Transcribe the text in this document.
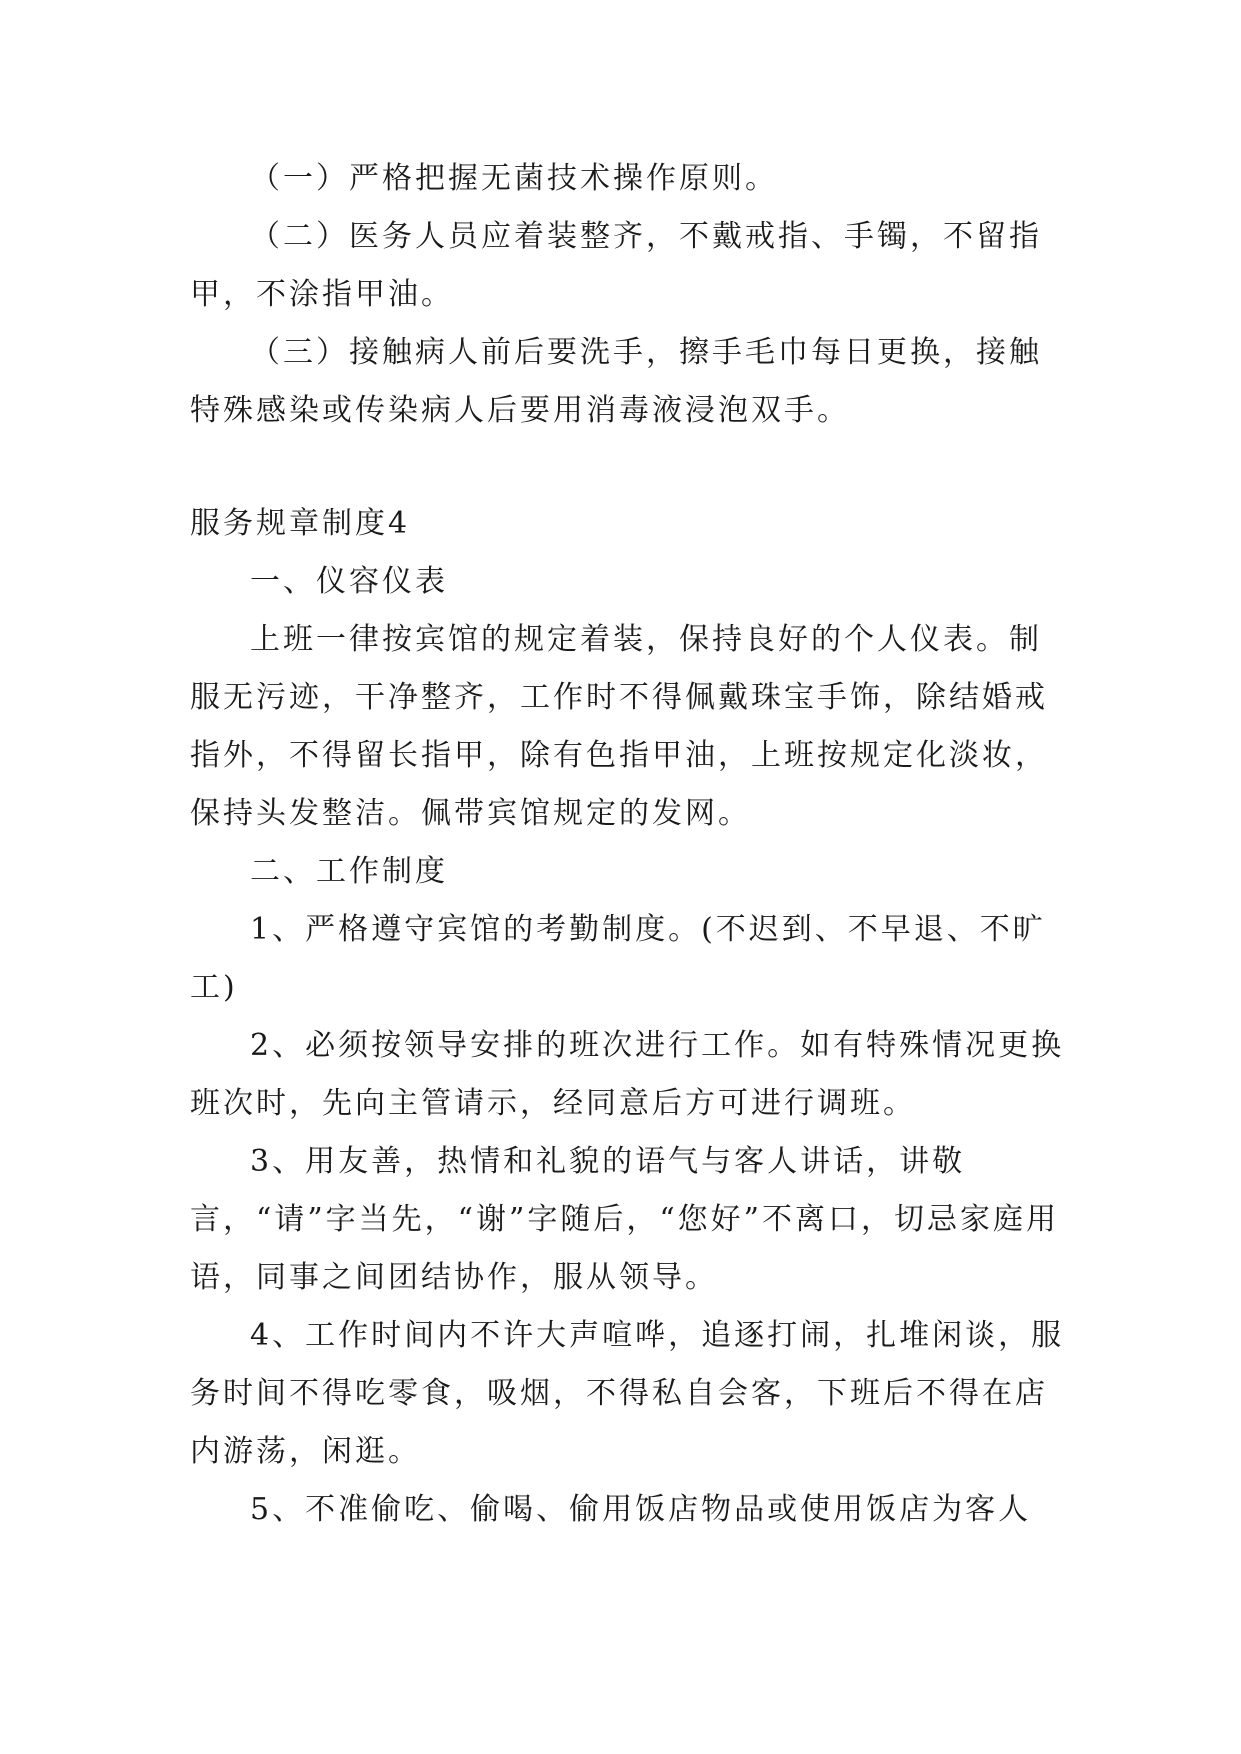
（一）严格把握无菌技术操作原则。

（二）医务人员应着装整齐，不戴戒指、手镯，不留指甲，不涂指甲油。

（三）接触病人前后要洗手，擦手毛巾每日更换，接触特殊感染或传染病人后要用消毒液浸泡双手。

服务规章制度4

一、仪容仪表

上班一律按宾馆的规定着装，保持良好的个人仪表。制服无污迹，干净整齐，工作时不得佩戴珠宝手饰，除结婚戒指外，不得留长指甲，除有色指甲油，上班按规定化淡妆，保持头发整洁。佩带宾馆规定的发网。

二、工作制度

1、严格遵守宾馆的考勤制度。(不迟到、不早退、不旷工)

2、必须按领导安排的班次进行工作。如有特殊情况更换班次时，先向主管请示，经同意后方可进行调班。

3、用友善，热情和礼貌的语气与客人讲话，讲敬言，“请”字当先，“谢”字随后，“您好”不离口，切忌家庭用语，同事之间团结协作，服从领导。

4、工作时间内不许大声喧哗，追逐打闹，扎堆闲谈，服务时间不得吃零食，吸烟，不得私自会客，下班后不得在店内游荡，闲逛。

5、不准偷吃、偷喝、偷用饭店物品或使用饭店为客人
